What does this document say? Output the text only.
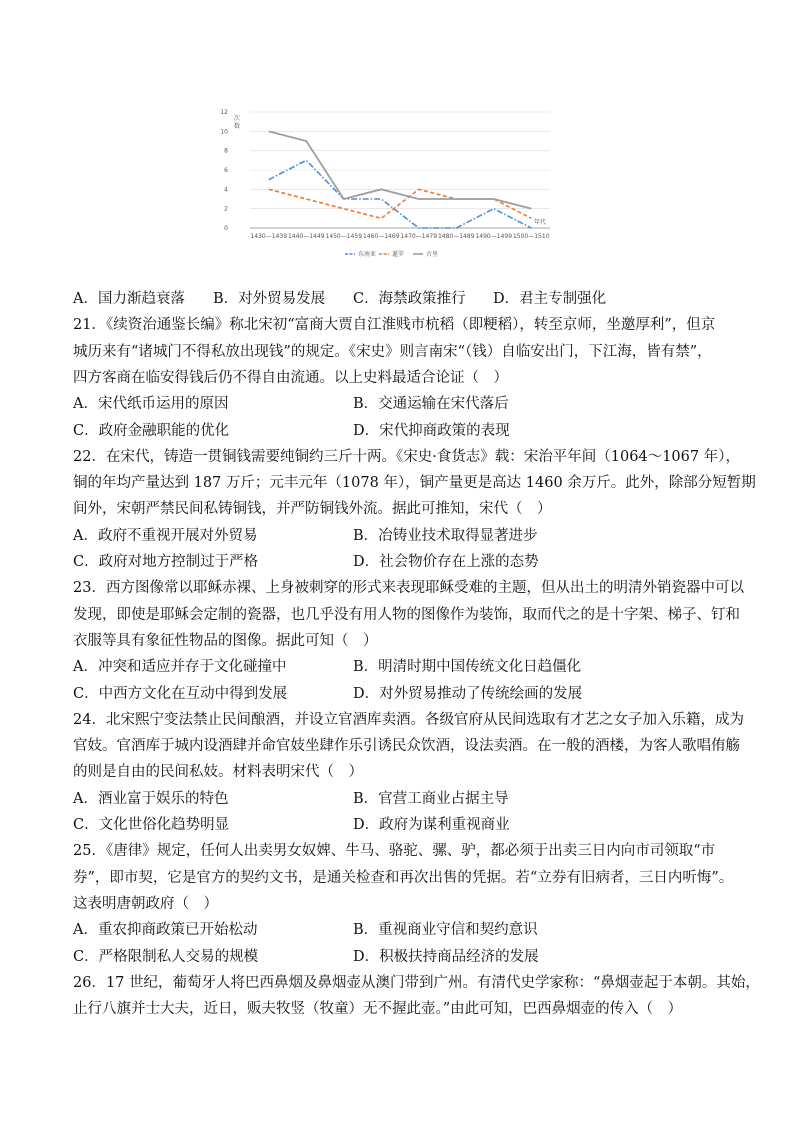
0
2
4
6
8
10
12
次
数
1430—1439 1440—1449 1450—1459 1460—1469 1470—1479 1480—1489 1490—1499 1500—1510
年代
东南亚	暹罗	古里
A．国力渐趋衰落 B．对外贸易发展 C．海禁政策推行 D．君主专制强化
21．《续资治通鉴长编》称北宋初“富商大贾自江淮贱市杭稻（即粳稻），转至京师，坐邀厚利”，但京
城历来有“诸城门不得私放出现钱”的规定。《宋史》则言南宋“（钱）自临安出门，下江海，皆有禁”，
四方客商在临安得钱后仍不得自由流通。以上史料最适合论证（　）
A．宋代纸币运用的原因	B．交通运输在宋代落后
C．政府金融职能的优化	D．宋代抑商政策的表现
22．在宋代，铸造一贯铜钱需要纯铜约三斤十两。《宋史·食货志》载：宋治平年间（1064～1067 年），
铜的年均产量达到 187 万斤；元丰元年（1078 年），铜产量更是高达 1460 余万斤。此外，除部分短暂期
间外，宋朝严禁民间私铸铜钱，并严防铜钱外流。据此可推知，宋代（　）
A．政府不重视开展对外贸易	B．冶铸业技术取得显著进步
C．政府对地方控制过于严格	D．社会物价存在上涨的态势
23．西方图像常以耶稣赤裸、上身被刺穿的形式来表现耶稣受难的主题，但从出土的明清外销瓷器中可以
发现，即使是耶稣会定制的瓷器，也几乎没有用人物的图像作为装饰，取而代之的是十字架、梯子、钉和
衣服等具有象征性物品的图像。据此可知（　）
A．冲突和适应并存于文化碰撞中	B．明清时期中国传统文化日趋僵化
C．中西方文化在互动中得到发展	D．对外贸易推动了传统绘画的发展
24．北宋熙宁变法禁止民间酿酒，并设立官酒库卖酒。各级官府从民间选取有才艺之女子加入乐籍，成为
官妓。官酒库于城内设酒肆并命官妓坐肆作乐引诱民众饮酒，设法卖酒。在一般的酒楼，为客人歌唱侑觞
的则是自由的民间私妓。材料表明宋代（　）
A．酒业富于娱乐的特色	B．官营工商业占据主导
C．文化世俗化趋势明显	D．政府为谋利重视商业
25．《唐律》规定，任何人出卖男女奴婢、牛马、骆驼、骡、驴，都必须于出卖三日内向市司领取“市
券”，即市契，它是官方的契约文书，是通关检查和再次出售的凭据。若“立券有旧病者，三日内听悔”。
这表明唐朝政府（　）
A．重农抑商政策已开始松动	B．重视商业守信和契约意识
C．严格限制私人交易的规模	D．积极扶持商品经济的发展
26．17 世纪，葡萄牙人将巴西鼻烟及鼻烟壶从澳门带到广州。有清代史学家称：“鼻烟壶起于本朝。其始，
止行八旗并士大夫，近日，贩夫牧竖（牧童）无不握此壶。”由此可知，巴西鼻烟壶的传入（　）
